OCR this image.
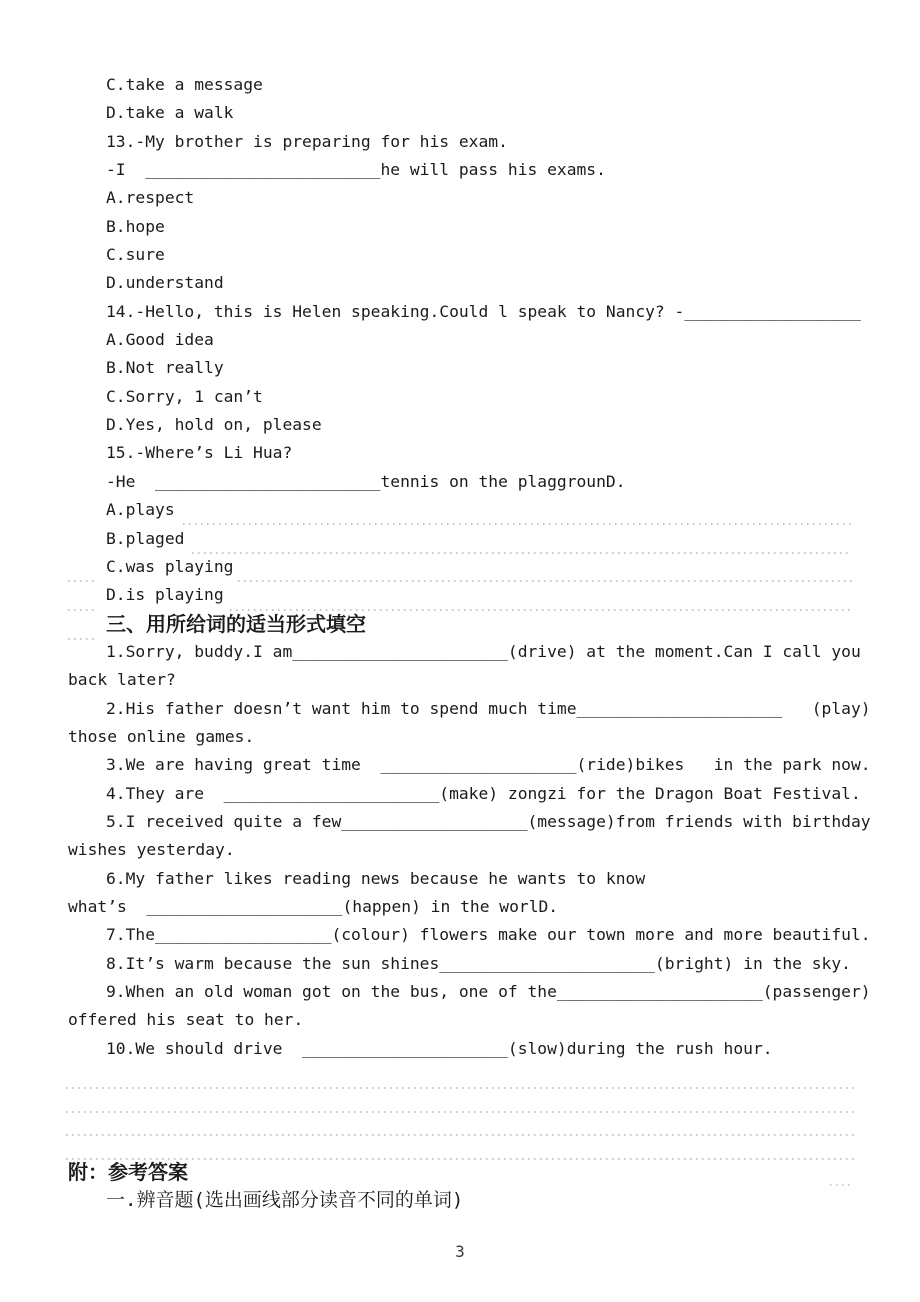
C.take a message
D.take a walk
13.-My brother is preparing for his exam.
-I  ________________________he will pass his exams.
A.respect
B.hope
C.sure
D.understand
14.-Hello, this is Helen speaking.Could l speak to Nancy? -__________________
A.Good idea
B.Not really
C.Sorry, 1 can’t
D.Yes, hold on, please
15.-Where’s Li Hua?
-He  _______________________tennis on the plaggrounD.
A.plays
B.plaged
C.was playing
D.is playing
三、用所给词的适当形式填空
1.Sorry, buddy.I am______________________(drive) at the moment.Can I call you
back later?
2.His father doesn’t want him to spend much time_____________________   (play)
those online games.
3.We are having great time  ____________________(ride)bikes   in the park now.
4.They are  ______________________(make) zongzi for the Dragon Boat Festival.
5.I received quite a few___________________(message)from friends with birthday
wishes yesterday.
6.My father likes reading news because he wants to know
what’s  ____________________(happen) in the worlD.
7.The__________________(colour) flowers make our town more and more beautiful.
8.It’s warm because the sun shines______________________(bright) in the sky.
9.When an old woman got on the bus, one of the_____________________(passenger)
offered his seat to her.
10.We should drive  _____________________(slow)during the rush hour.
附：参考答案
一.辨音题(选出画线部分读音不同的单词)
3
